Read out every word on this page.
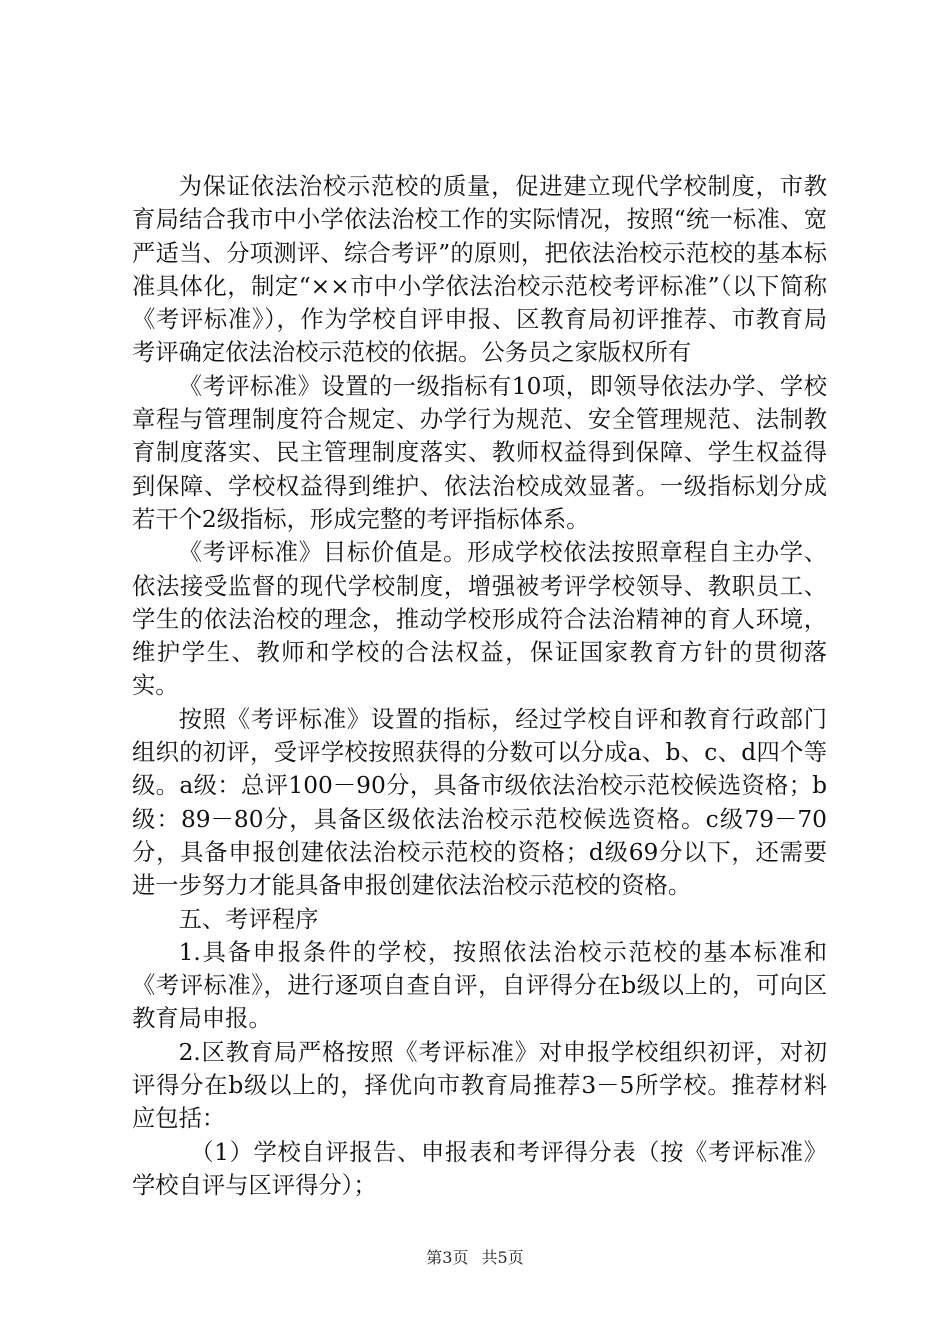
为保证依法治校示范校的质量，促进建立现代学校制度，市教育局结合我市中小学依法治校工作的实际情况，按照“统一标准、宽严适当、分项测评、综合考评”的原则，把依法治校示范校的基本标准具体化，制定“××市中小学依法治校示范校考评标准”（以下简称《考评标准》），作为学校自评申报、区教育局初评推荐、市教育局考评确定依法治校示范校的依据。公务员之家版权所有

《考评标准》设置的一级指标有10项，即领导依法办学、学校章程与管理制度符合规定、办学行为规范、安全管理规范、法制教育制度落实、民主管理制度落实、教师权益得到保障、学生权益得到保障、学校权益得到维护、依法治校成效显著。一级指标划分成若干个2级指标，形成完整的考评指标体系。

《考评标准》目标价值是。形成学校依法按照章程自主办学、依法接受监督的现代学校制度，增强被考评学校领导、教职员工、学生的依法治校的理念，推动学校形成符合法治精神的育人环境，维护学生、教师和学校的合法权益，保证国家教育方针的贯彻落实。

按照《考评标准》设置的指标，经过学校自评和教育行政部门组织的初评，受评学校按照获得的分数可以分成a、b、c、d四个等级。a级：总评100－90分，具备市级依法治校示范校候选资格；b级：89－80分，具备区级依法治校示范校候选资格。c级79－70分，具备申报创建依法治校示范校的资格；d级69分以下，还需要进一步努力才能具备申报创建依法治校示范校的资格。

五、考评程序

1.具备申报条件的学校，按照依法治校示范校的基本标准和《考评标准》，进行逐项自查自评，自评得分在b级以上的，可向区教育局申报。

2.区教育局严格按照《考评标准》对申报学校组织初评，对初评得分在b级以上的，择优向市教育局推荐3－5所学校。推荐材料应包括：

（1）学校自评报告、申报表和考评得分表（按《考评标准》学校自评与区评得分）；

第3页 共5页
